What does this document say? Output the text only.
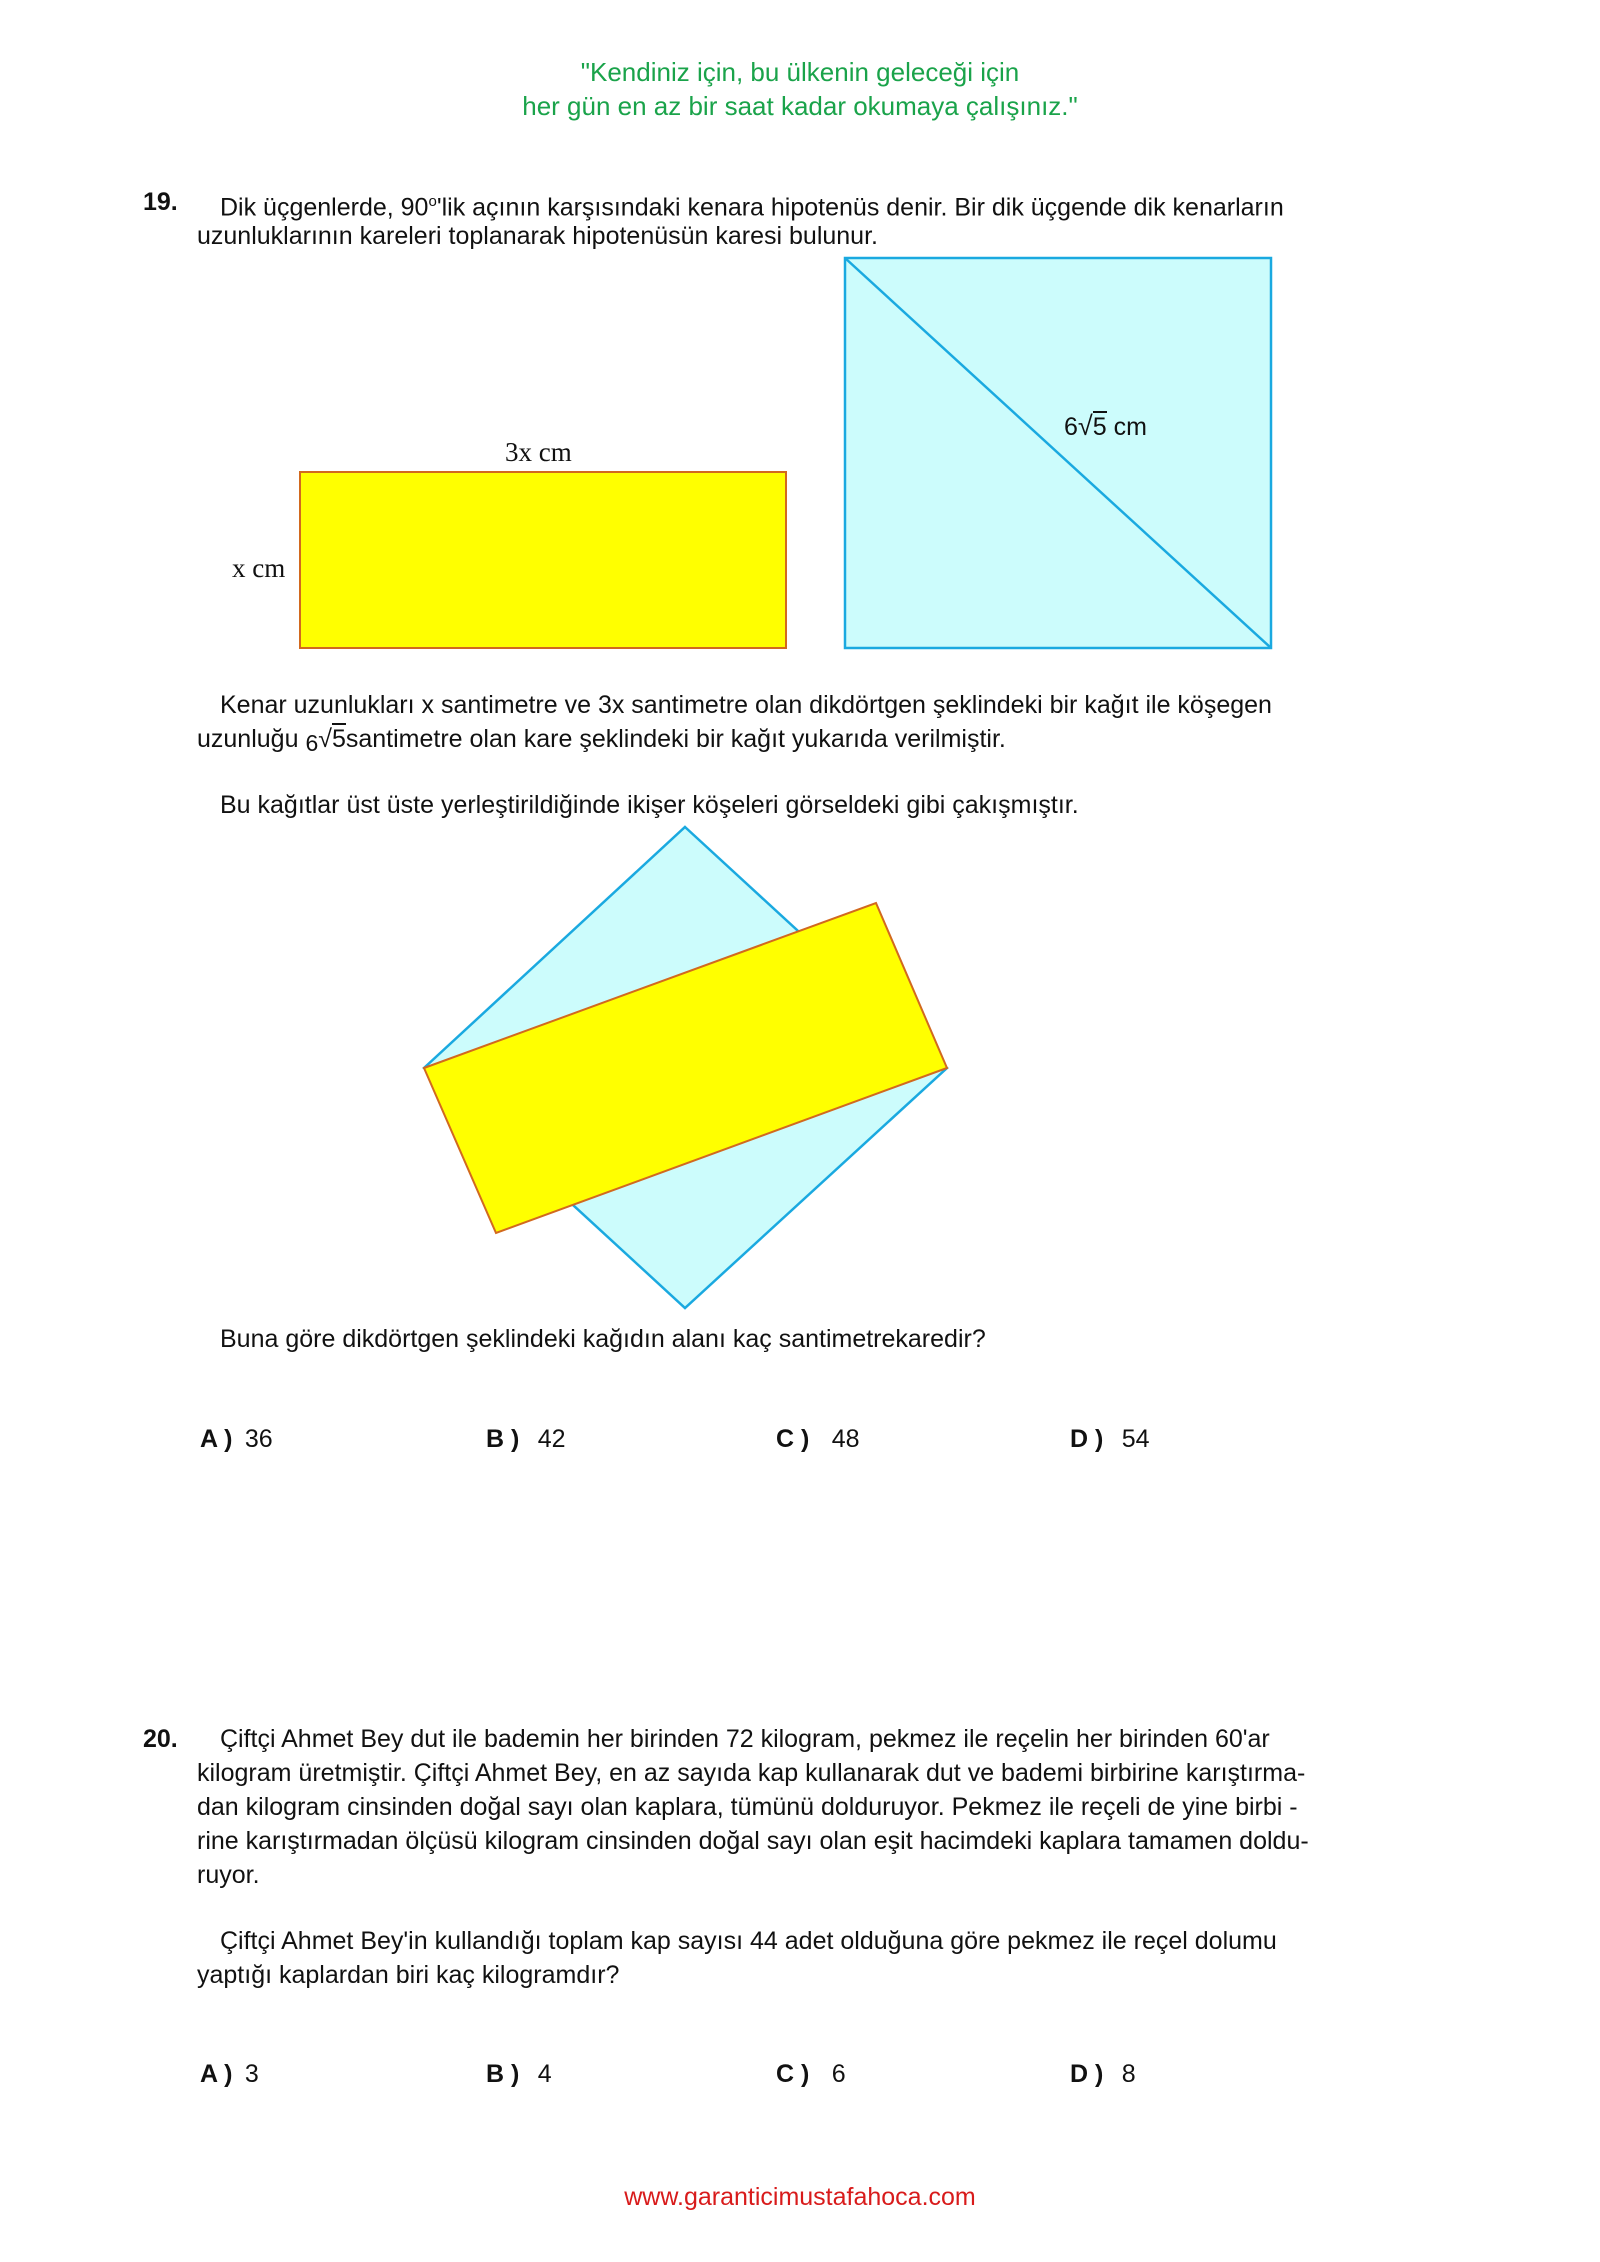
"Kendiniz için, bu ülkenin geleceği için
her gün en az bir saat kadar okumaya çalışınız."
19. Dik üçgenlerde, 90$^o$'lik açının karşısındaki kenara hipotenüs denir. Bir dik üçgende dik kenarların
uzunluklarının kareleri toplanarak hipotenüsün karesi bulunur.
3x cm
x cm
6√5 cm
Kenar uzunlukları x santimetre ve 3x santimetre olan dikdörtgen şeklindeki bir kağıt ile köşegen
uzunluğu 6√5santimetre olan kare şeklindeki bir kağıt yukarıda verilmiştir.
Bu kağıtlar üst üste yerleştirildiğinde ikişer köşeleri görseldeki gibi çakışmıştır.
Buna göre dikdörtgen şeklindeki kağıdın alanı kaç santimetrekaredir?
A ) 36	B ) 42	C ) 48	D ) 54
20. Çiftçi Ahmet Bey dut ile bademin her birinden 72 kilogram, pekmez ile reçelin her birinden 60'ar
kilogram üretmiştir. Çiftçi Ahmet Bey, en az sayıda kap kullanarak dut ve bademi birbirine karıştırma-
dan kilogram cinsinden doğal sayı olan kaplara, tümünü dolduruyor. Pekmez ile reçeli de yine birbi -
rine karıştırmadan ölçüsü kilogram cinsinden doğal sayı olan eşit hacimdeki kaplara tamamen doldu-
ruyor.
Çiftçi Ahmet Bey'in kullandığı toplam kap sayısı 44 adet olduğuna göre pekmez ile reçel dolumu
yaptığı kaplardan biri kaç kilogramdır?
A ) 3	B ) 4	C ) 6	D ) 8
www.garanticimustafahoca.com
